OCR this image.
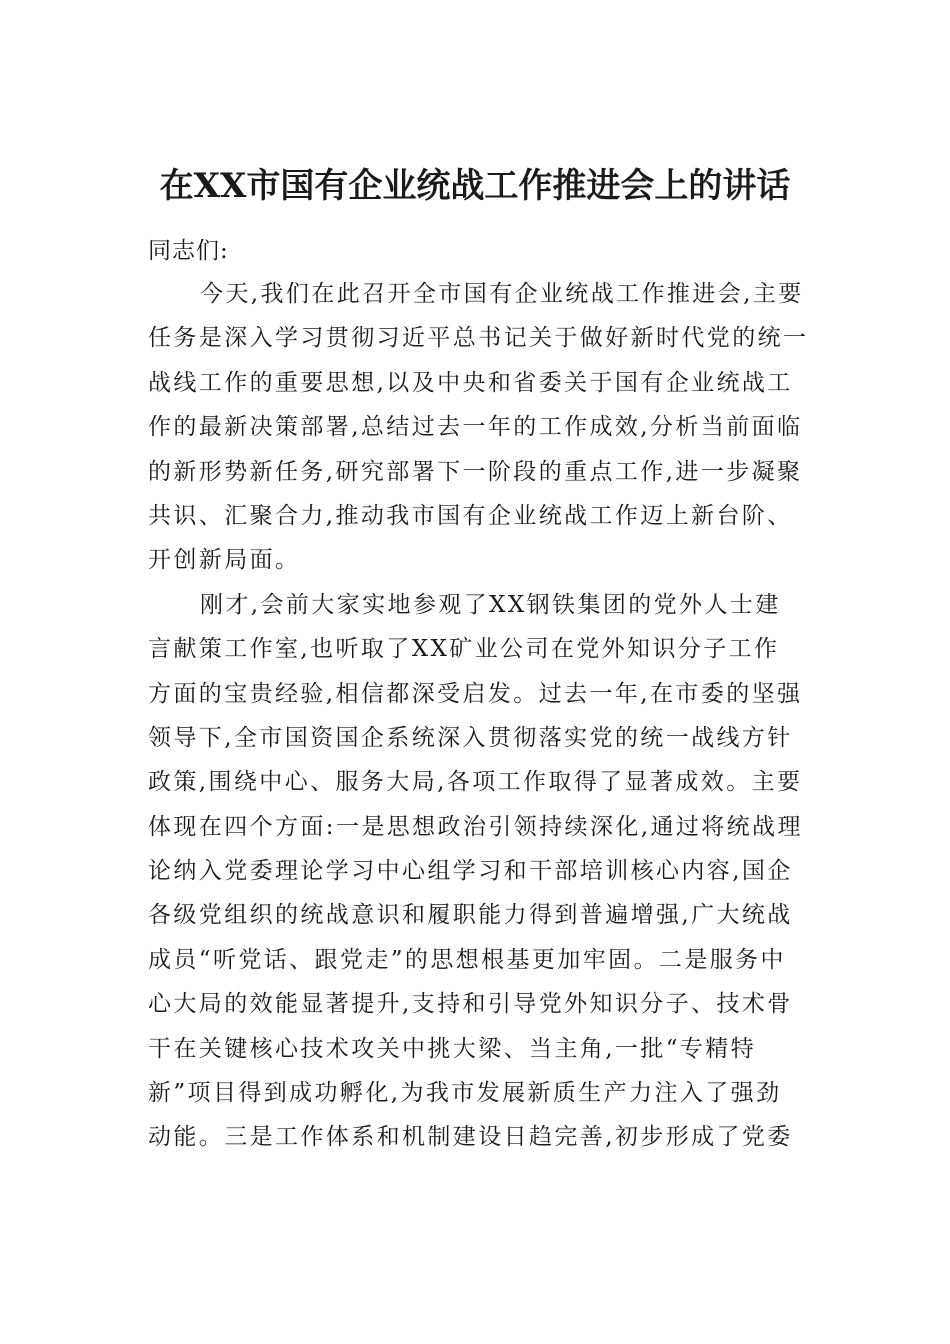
在XX市国有企业统战工作推进会上的讲话

同志们:

今天,我们在此召开全市国有企业统战工作推进会,主要
任务是深入学习贯彻习近平总书记关于做好新时代党的统一
战线工作的重要思想,以及中央和省委关于国有企业统战工
作的最新决策部署,总结过去一年的工作成效,分析当前面临
的新形势新任务,研究部署下一阶段的重点工作,进一步凝聚
共识、汇聚合力,推动我市国有企业统战工作迈上新台阶、
开创新局面。
刚才,会前大家实地参观了XX钢铁集团的党外人士建
言献策工作室,也听取了XX矿业公司在党外知识分子工作
方面的宝贵经验,相信都深受启发。过去一年,在市委的坚强
领导下,全市国资国企系统深入贯彻落实党的统一战线方针
政策,围绕中心、服务大局,各项工作取得了显著成效。主要
体现在四个方面:一是思想政治引领持续深化,通过将统战理
论纳入党委理论学习中心组学习和干部培训核心内容,国企
各级党组织的统战意识和履职能力得到普遍增强,广大统战
成员“听党话、跟党走”的思想根基更加牢固。二是服务中
心大局的效能显著提升,支持和引导党外知识分子、技术骨
干在关键核心技术攻关中挑大梁、当主角,一批“专精特
新”项目得到成功孵化,为我市发展新质生产力注入了强劲
动能。三是工作体系和机制建设日趋完善,初步形成了党委
